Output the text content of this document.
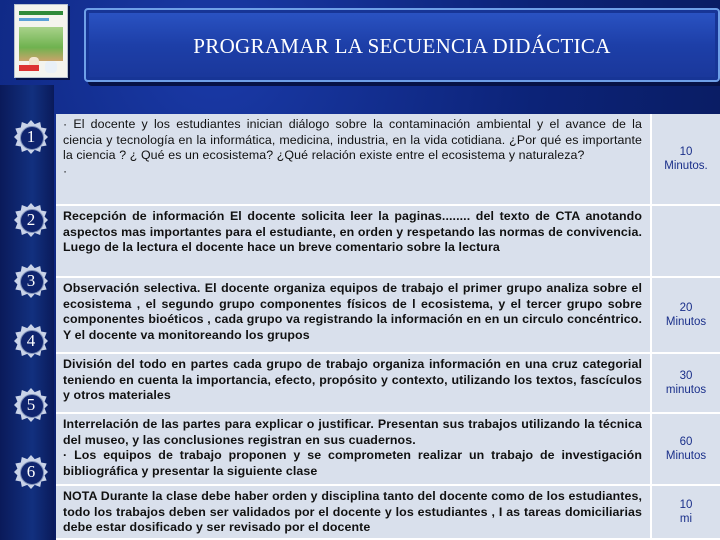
PROGRAMAR LA SECUENCIA DIDÁCTICA
1
2
3
4
5
6

· El docente y los estudiantes inician diálogo sobre la contaminación ambiental y el avance de la ciencia y tecnología en la informática, medicina, industria, en la vida cotidiana. ¿Por qué es importante la ciencia ? ¿ Qué es un ecosistema? ¿Qué relación existe entre el ecosistema y naturaleza?

·

10
Minutos.

Recepción de información El docente solicita leer la paginas........ del texto de CTA anotando aspectos mas importantes para el estudiante, en orden y respetando las normas de convivencia. Luego de la lectura el docente hace un breve comentario sobre la lectura

Observación selectiva. El docente organiza equipos de trabajo el primer grupo analiza sobre el ecosistema , el segundo grupo componentes físicos de l ecosistema, y el tercer grupo sobre componentes bioéticos , cada grupo va registrando la información en en un circulo concéntrico. Y el docente va monitoreando los grupos

20
Minutos

División del todo en partes cada grupo de trabajo organiza información en una cruz categorial teniendo en cuenta la importancia, efecto, propósito y contexto, utilizando los textos, fascículos y otros materiales

30
minutos

Interrelación de las partes para explicar o justificar. Presentan sus trabajos utilizando la técnica del museo, y las conclusiones registran en sus cuadernos.

· Los equipos de trabajo proponen y se comprometen realizar un trabajo de investigación bibliográfica y presentar la siguiente clase

60
Minutos

NOTA Durante la clase debe haber orden y disciplina tanto del docente como de los estudiantes, todo los trabajos deben ser validados por el docente y los estudiantes , I as tareas domiciliarias debe estar dosificado y ser revisado por el docente

10
mi
